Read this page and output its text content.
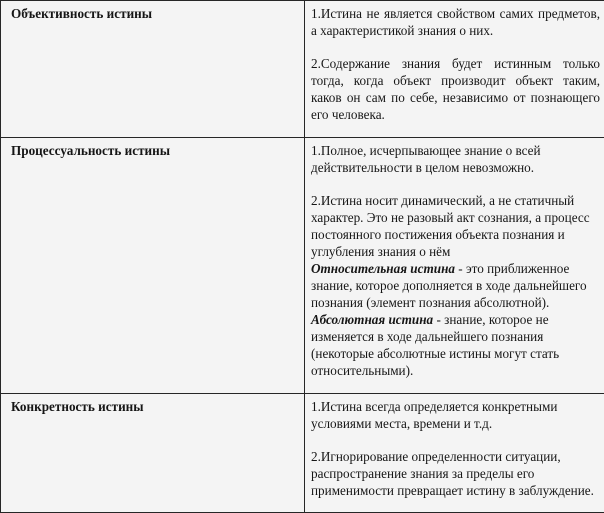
Объективность истины	1.Истина не является свойством самих предметов, а характеристикой знания о них.
2.Содержание знания будет истинным только тогда, когда объект производит объект таким, каков он сам по себе, независимо от познающего его человека.

Процессуальность истины	1.Полное, исчерпывающее знание о всей действительности в целом невозможно.
2.Истина носит динамический, а не статичный характер. Это не разовый акт сознания, а процесс постоянного постижения объекта познания и углубления знания о нём
Относительная истина - это приближенное знание, которое дополняется в ходе дальнейшего познания (элемент познания абсолютной).
Абсолютная истина - знание, которое не изменяется в ходе дальнейшего познания (некоторые абсолютные истины могут стать относительными).

Конкретность истины	1.Истина всегда определяется конкретными условиями места, времени и т.д.
2.Игнорирование определенности ситуации, распространение знания за пределы его применимости превращает истину в заблуждение.
